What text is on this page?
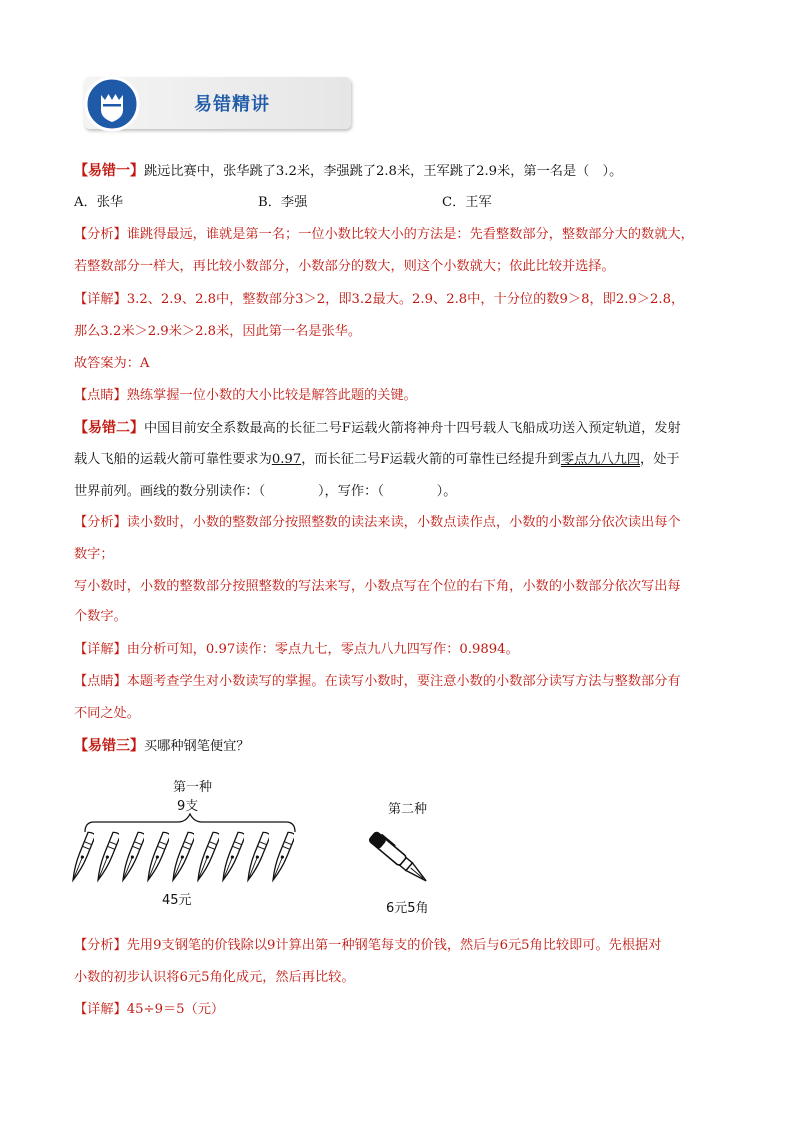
易错精讲
【易错一】跳远比赛中，张华跳了3.2米，李强跳了2.8米，王军跳了2.9米，第一名是（　）。
A．张华	B．李强	C．王军
【分析】谁跳得最远，谁就是第一名；一位小数比较大小的方法是：先看整数部分，整数部分大的数就大，
若整数部分一样大，再比较小数部分，小数部分的数大，则这个小数就大；依此比较并选择。
【详解】3.2、2.9、2.8中，整数部分3＞2，即3.2最大。2.9、2.8中，十分位的数9＞8，即2.9＞2.8，
那么3.2米＞2.9米＞2.8米，因此第一名是张华。
故答案为：A
【点睛】熟练掌握一位小数的大小比较是解答此题的关键。
【易错二】中国目前安全系数最高的长征二号F运载火箭将神舟十四号载人飞船成功送入预定轨道，发射
载人飞船的运载火箭可靠性要求为0.97，而长征二号F运载火箭的可靠性已经提升到零点九八九四，处于
世界前列。画线的数分别读作：（　　　　），写作：（　　　　）。
【分析】读小数时，小数的整数部分按照整数的读法来读，小数点读作点，小数的小数部分依次读出每个
数字；
写小数时，小数的整数部分按照整数的写法来写，小数点写在个位的右下角，小数的小数部分依次写出每
个数字。
【详解】由分析可知，0.97读作：零点九七，零点九八九四写作：0.9894。
【点睛】本题考查学生对小数读写的掌握。在读写小数时，要注意小数的小数部分读写方法与整数部分有
不同之处。
【易错三】买哪种钢笔便宜？
第一种
9支
45元
第二种
6元5角
【分析】先用9支钢笔的价钱除以9计算出第一种钢笔每支的价钱，然后与6元5角比较即可。先根据对
小数的初步认识将6元5角化成元，然后再比较。
【详解】45÷9＝5（元）
